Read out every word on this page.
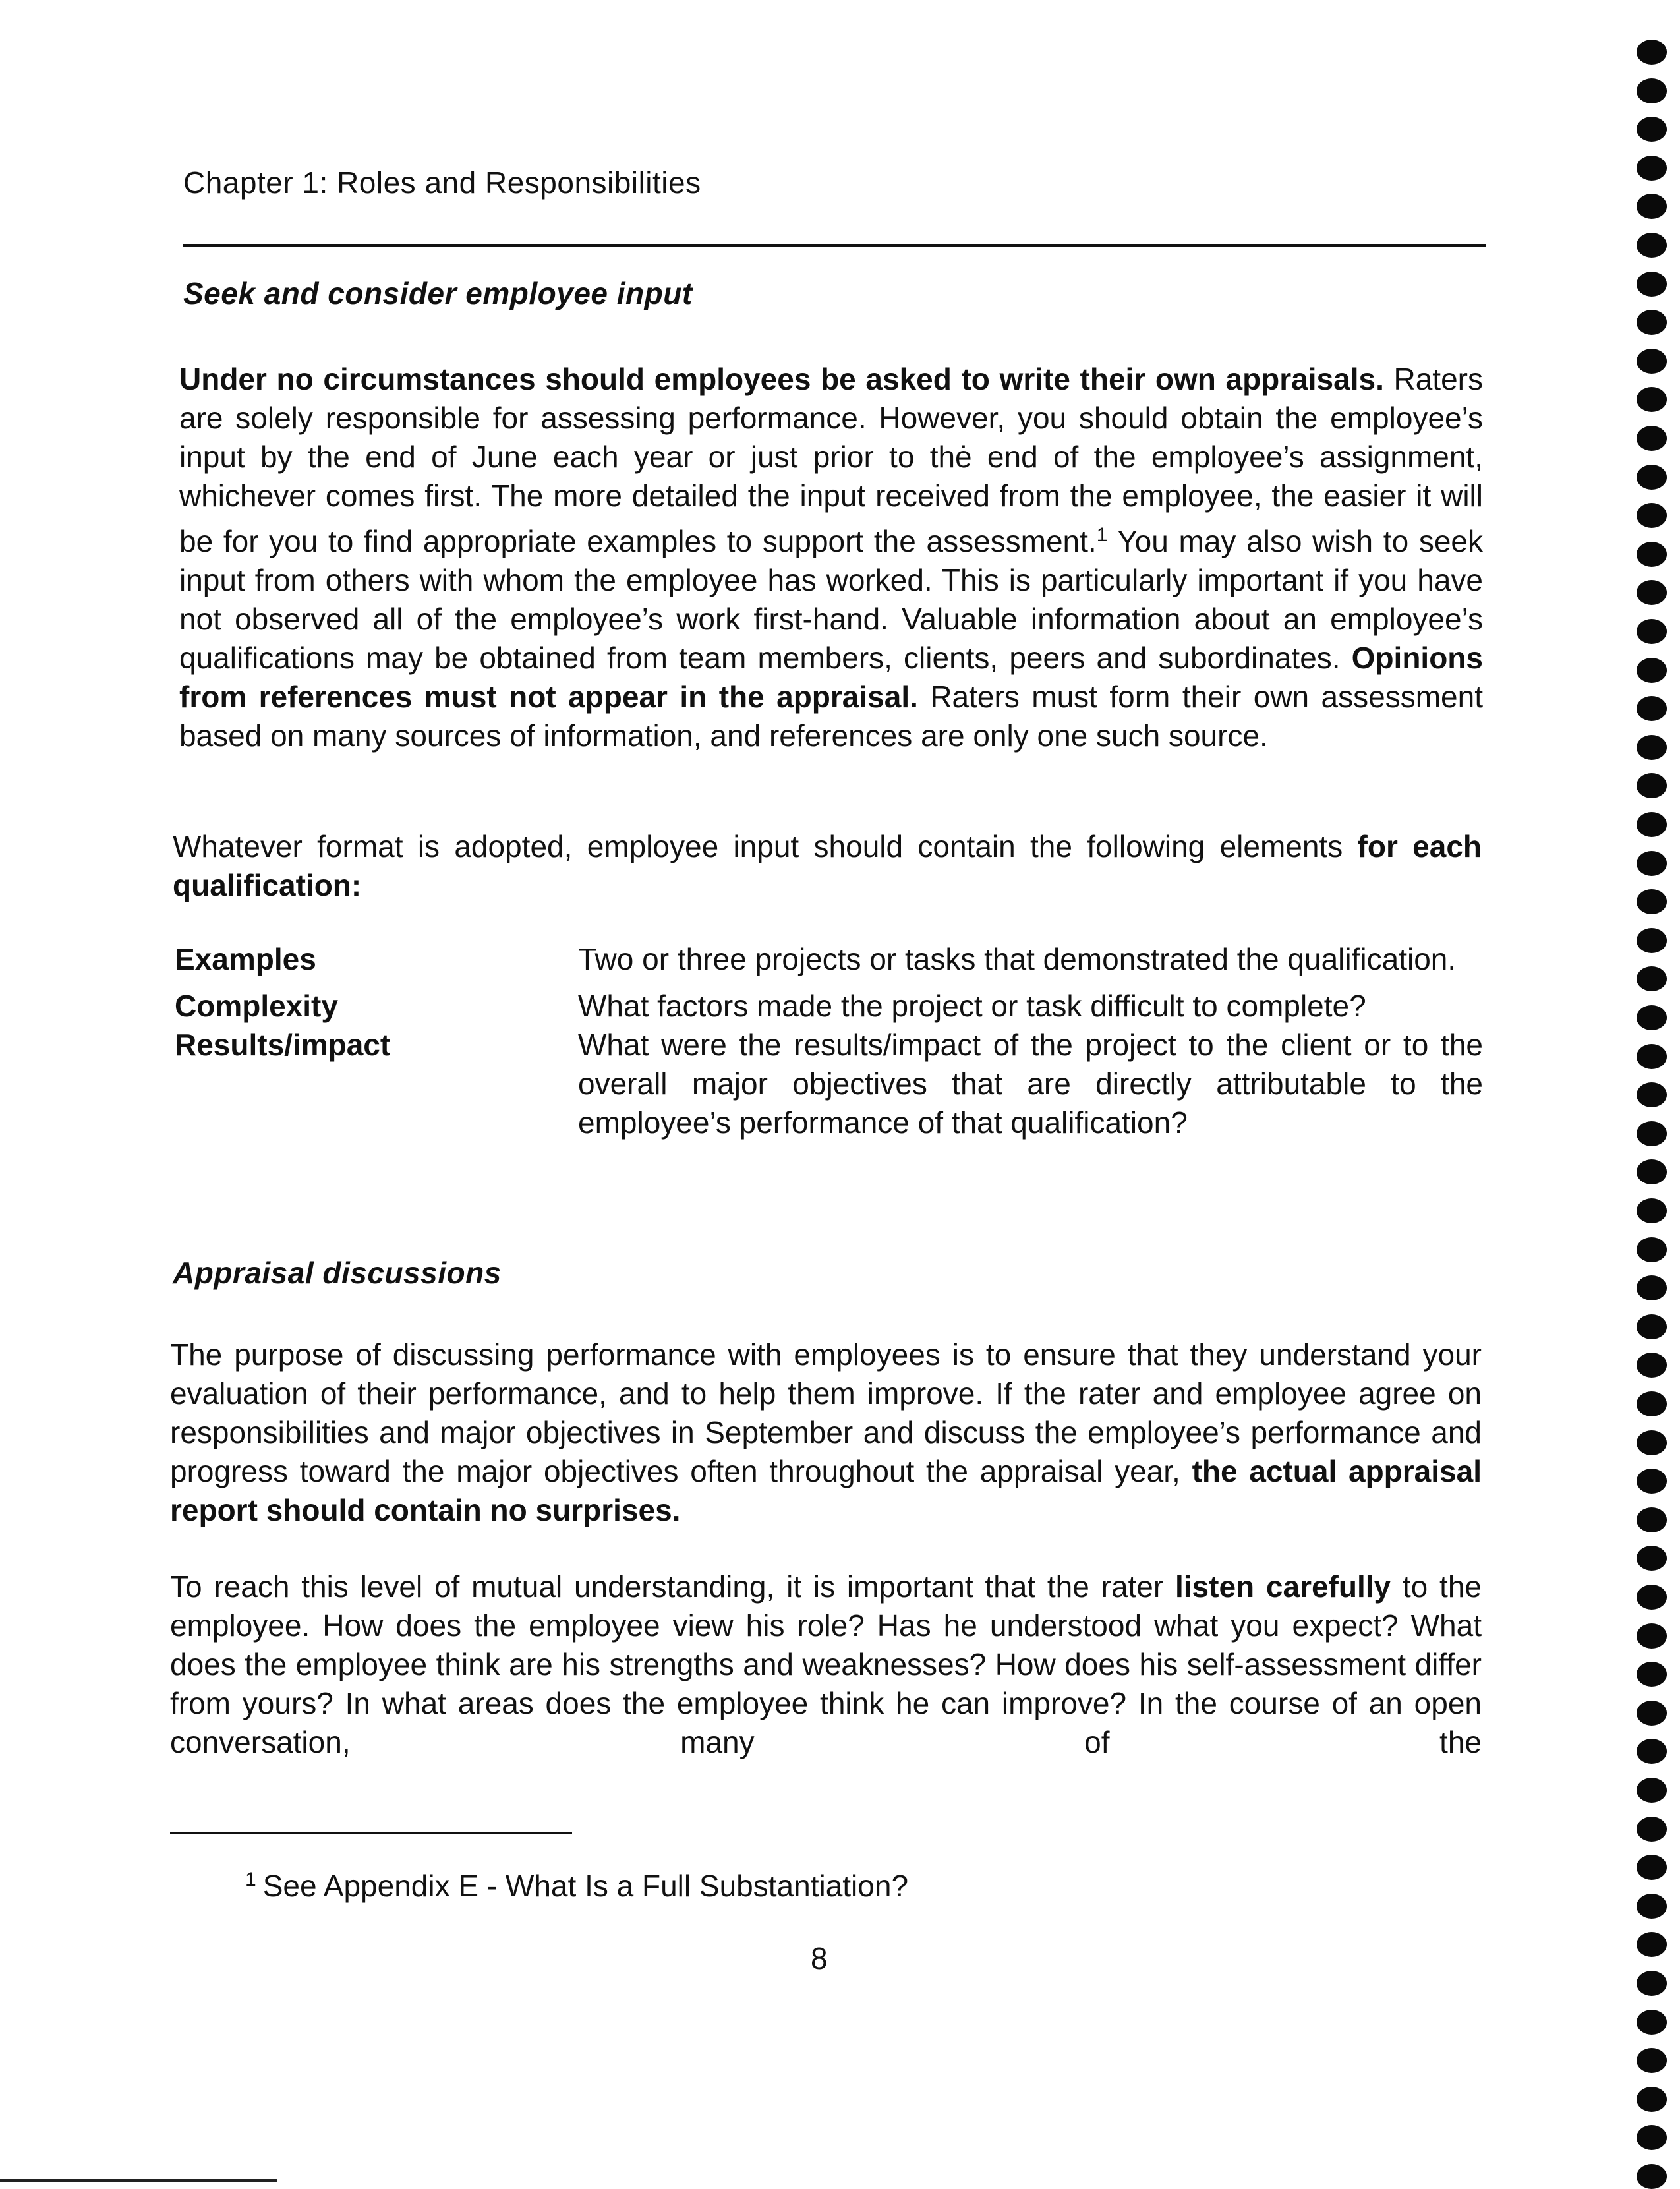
Chapter 1: Roles and Responsibilities
Seek and consider employee input
Under no circumstances should employees be asked to write their own appraisals. Raters are solely responsible for assessing performance. However, you should obtain the employee’s input by the end of June each year or just prior to thė end of the employee’s assignment, whichever comes first. The more detailed the input received from the employee, the easier it will be for you to find appropriate examples to support the assessment.$^1$ You may also wish to seek input from others with whom the employee has worked. This is particularly important if you have not observed all of the employee’s work first-hand. Valuable information about an employee’s qualifications may be obtained from team members, clients, peers and subordinates. Opinions from references must not appear in the appraisal. Raters must form their own assessment based on many sources of information, and references are only one such source.
Whatever format is adopted, employee input should contain the following elements for each qualification:
Examples	Two or three projects or tasks that demonstrated the qualification.
Complexity	What factors made the project or task difficult to complete?
Results/impact	What were the results/impact of the project to the client or to the overall major objectives that are directly attributable to the employee’s performance of that qualification?
Appraisal discussions
The purpose of discussing performance with employees is to ensure that they understand your evaluation of their performance, and to help them improve. If the rater and employee agree on responsibilities and major objectives in September and discuss the employee’s performance and progress toward the major objectives often throughout the appraisal year, the actual appraisal report should contain no surprises.
To reach this level of mutual understanding, it is important that the rater listen carefully to the employee. How does the employee view his role? Has he understood what you expect? What does the employee think are his strengths and weaknesses? How does his self-assessment differ from yours? In what areas does the employee think he can improve? In the course of an open conversation, many of the
$^1$ See Appendix E - What Is a Full Substantiation?
8
